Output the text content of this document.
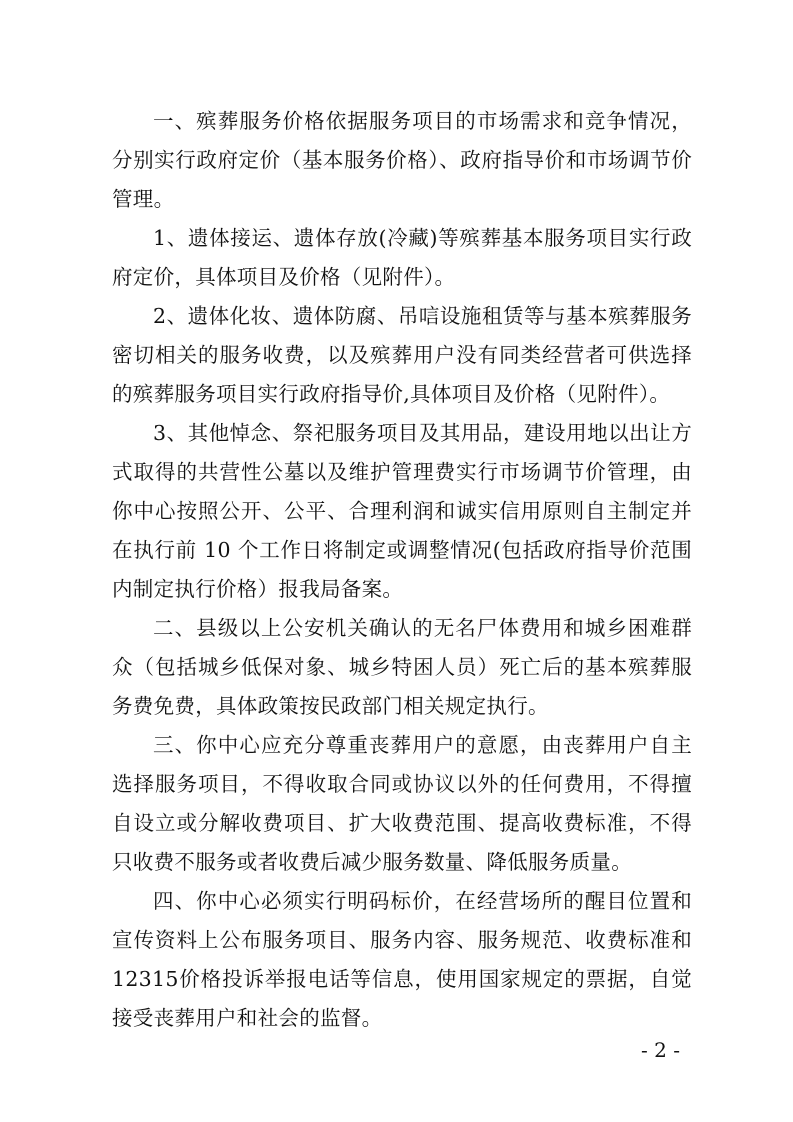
一、殡葬服务价格依据服务项目的市场需求和竞争情况，分别实行政府定价（基本服务价格）、政府指导价和市场调节价管理。

1、遗体接运、遗体存放(冷藏)等殡葬基本服务项目实行政府定价，具体项目及价格（见附件）。

2、遗体化妆、遗体防腐、吊唁设施租赁等与基本殡葬服务密切相关的服务收费，以及殡葬用户没有同类经营者可供选择的殡葬服务项目实行政府指导价,具体项目及价格（见附件）。

3、其他悼念、祭祀服务项目及其用品，建设用地以出让方式取得的共营性公墓以及维护管理费实行市场调节价管理，由你中心按照公开、公平、合理利润和诚实信用原则自主制定并在执行前 10 个工作日将制定或调整情况(包括政府指导价范围内制定执行价格）报我局备案。

二、县级以上公安机关确认的无名尸体费用和城乡困难群众（包括城乡低保对象、城乡特困人员）死亡后的基本殡葬服务费免费，具体政策按民政部门相关规定执行。

三、你中心应充分尊重丧葬用户的意愿，由丧葬用户自主选择服务项目，不得收取合同或协议以外的任何费用，不得擅自设立或分解收费项目、扩大收费范围、提高收费标准，不得只收费不服务或者收费后减少服务数量、降低服务质量。

四、你中心必须实行明码标价，在经营场所的醒目位置和宣传资料上公布服务项目、服务内容、服务规范、收费标准和 12315价格投诉举报电话等信息，使用国家规定的票据，自觉接受丧葬用户和社会的监督。

- 2 -
